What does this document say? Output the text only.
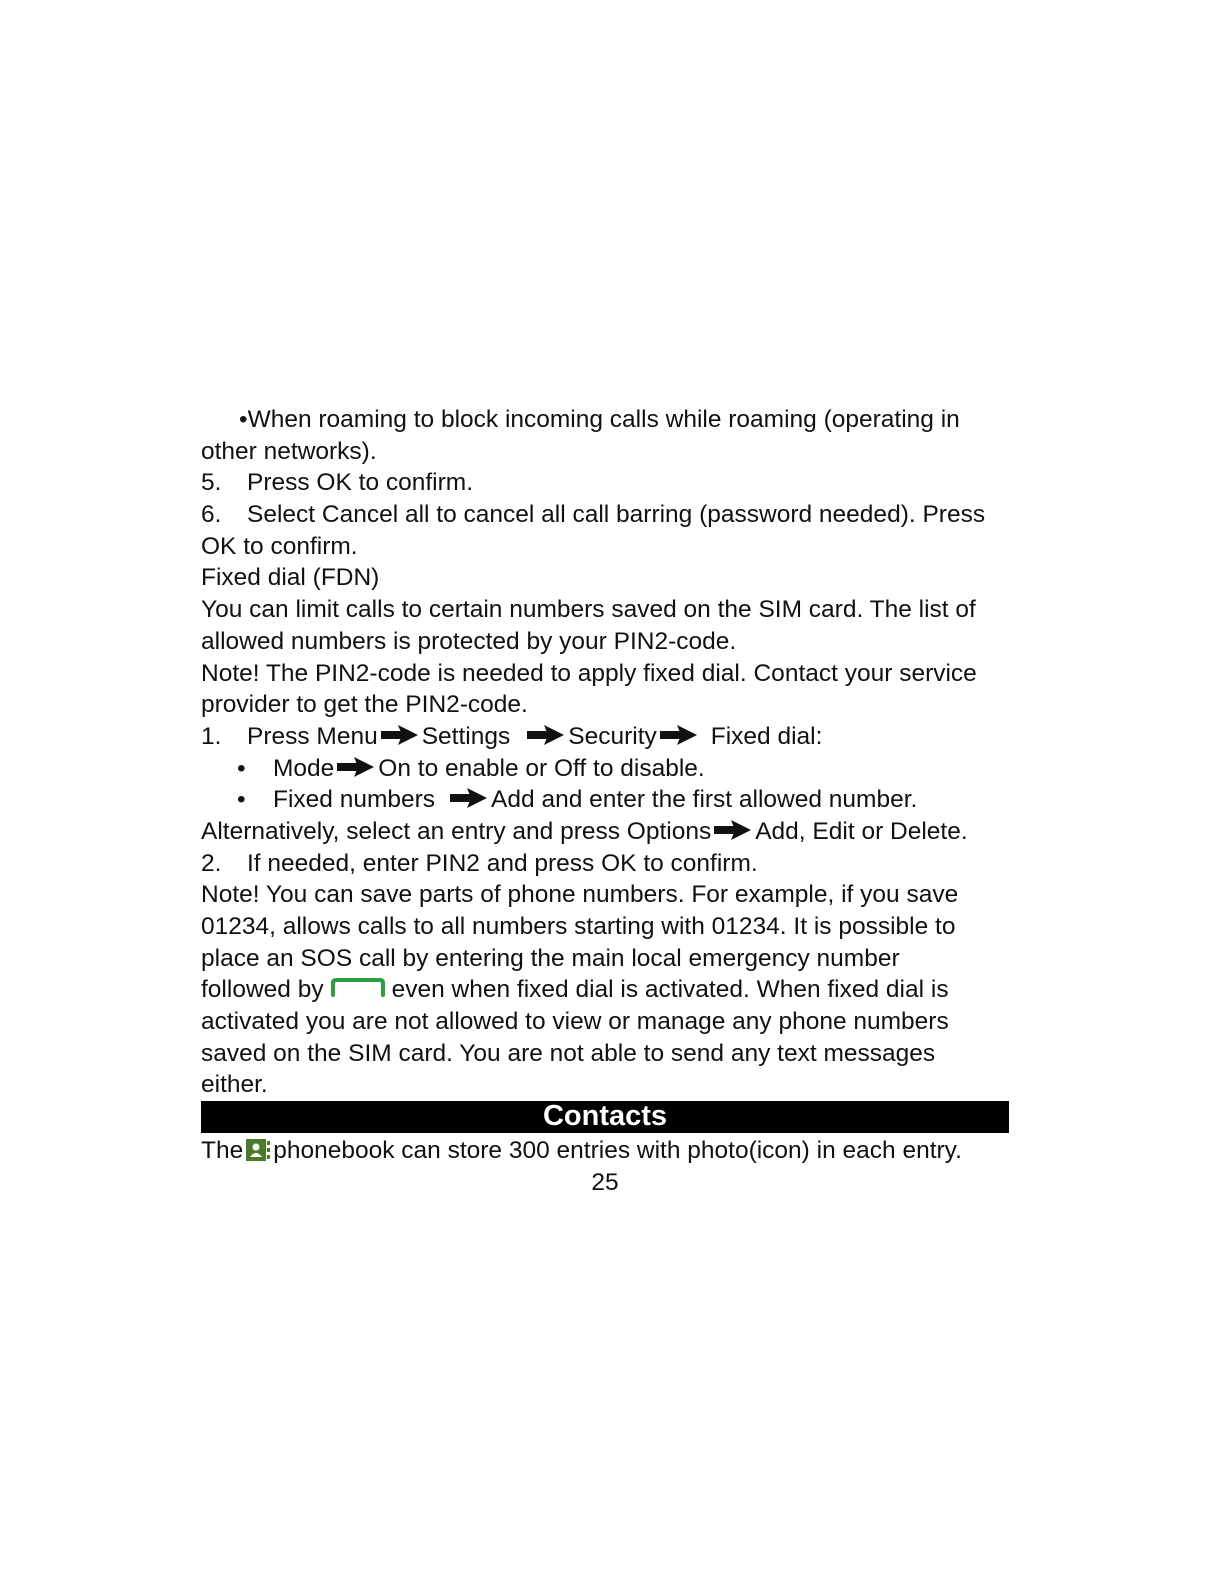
•When roaming to block incoming calls while roaming (operating in
other networks).
5. Press OK to confirm.
6. Select Cancel all to cancel all call barring (password needed). Press
OK to confirm.
Fixed dial (FDN)
You can limit calls to certain numbers saved on the SIM card. The list of
allowed numbers is protected by your PIN2-code.
Note! The PIN2-code is needed to apply fixed dial. Contact your service
provider to get the PIN2-code.
1. Press Menu Settings Security Fixed dial:
• Mode On to enable or Off to disable.
• Fixed numbers Add and enter the first allowed number.
Alternatively, select an entry and press Options Add, Edit or Delete.
2. If needed, enter PIN2 and press OK to confirm.
Note! You can save parts of phone numbers. For example, if you save
01234, allows calls to all numbers starting with 01234. It is possible to
place an SOS call by entering the main local emergency number
followed by	even when fixed dial is activated. When fixed dial is
activated you are not allowed to view or manage any phone numbers
saved on the SIM card. You are not able to send any text messages
either.
Contacts
The phonebook can store 300 entries with photo(icon) in each entry.
25
